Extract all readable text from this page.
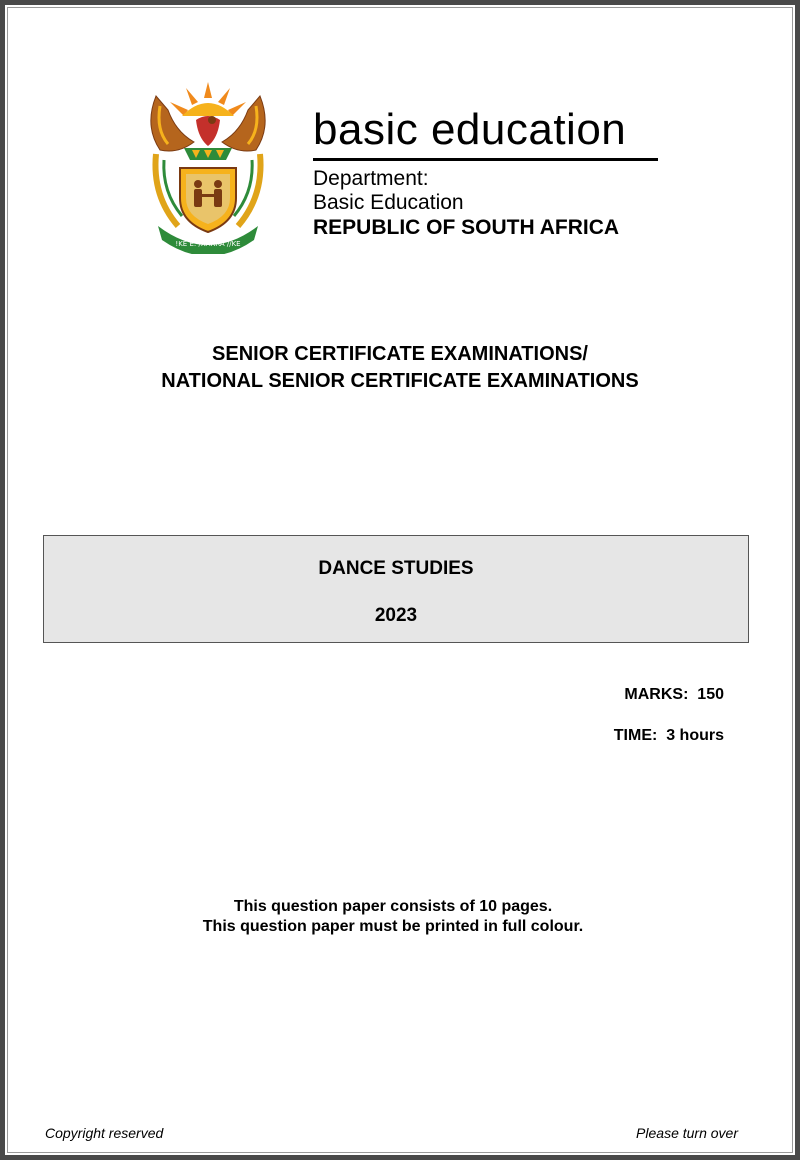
!KE E: /XARRA //KE
basic education
Department:
Basic Education
REPUBLIC OF SOUTH AFRICA
SENIOR CERTIFICATE EXAMINATIONS/
NATIONAL SENIOR CERTIFICATE EXAMINATIONS
DANCE STUDIES
2023
MARKS:  150
TIME:  3 hours
This question paper consists of 10 pages.
This question paper must be printed in full colour.
Copyright reserved	Please turn over
